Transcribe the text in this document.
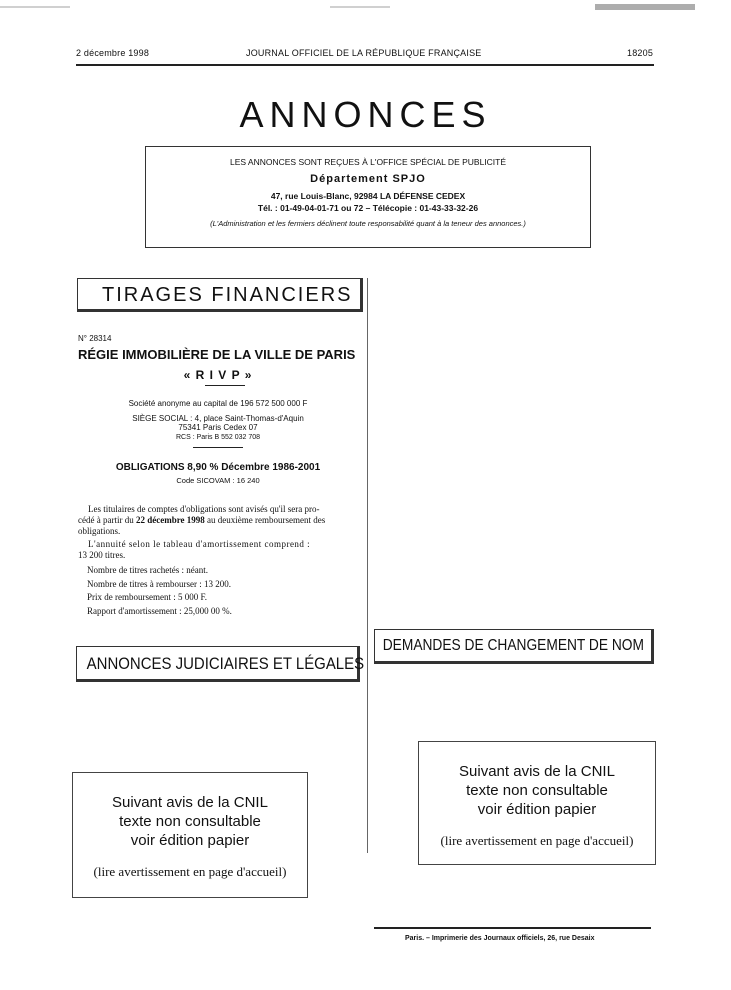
2 décembre 1998	JOURNAL OFFICIEL DE LA RÉPUBLIQUE FRANÇAISE	18205
ANNONCES
LES ANNONCES SONT REÇUES À L'OFFICE SPÉCIAL DE PUBLICITÉ
Département SPJO
47, rue Louis-Blanc, 92984 LA DÉFENSE CEDEX
Tél. : 01-49-04-01-71 ou 72 – Télécopie : 01-43-33-32-26
(L'Administration et les fermiers déclinent toute responsabilité quant à la teneur des annonces.)
TIRAGES FINANCIERS
N° 28314
RÉGIE IMMOBILIÈRE DE LA VILLE DE PARIS
« R I V P »
Société anonyme au capital de 196 572 500 000 F
SIÈGE SOCIAL : 4, place Saint-Thomas-d'Aquin
75341 Paris Cedex 07
RCS : Paris B 552 032 708
OBLIGATIONS 8,90 % Décembre 1986-2001
Code SICOVAM : 16 240
Les titulaires de comptes d'obligations sont avisés qu'il sera pro-
cédé à partir du 22 décembre 1998 au deuxième remboursement des
obligations.
L'annuité selon le tableau d'amortissement comprend :
13 200 titres.
Nombre de titres rachetés : néant.
Nombre de titres à rembourser : 13 200.
Prix de remboursement : 5 000 F.
Rapport d'amortissement : 25,000 00 %.
ANNONCES JUDICIAIRES ET LÉGALES
DEMANDES DE CHANGEMENT DE NOM
Suivant avis de la CNIL
texte non consultable
voir édition papier
(lire avertissement en page d'accueil)
Suivant avis de la CNIL
texte non consultable
voir édition papier
(lire avertissement en page d'accueil)
Paris. – Imprimerie des Journaux officiels, 26, rue Desaix
